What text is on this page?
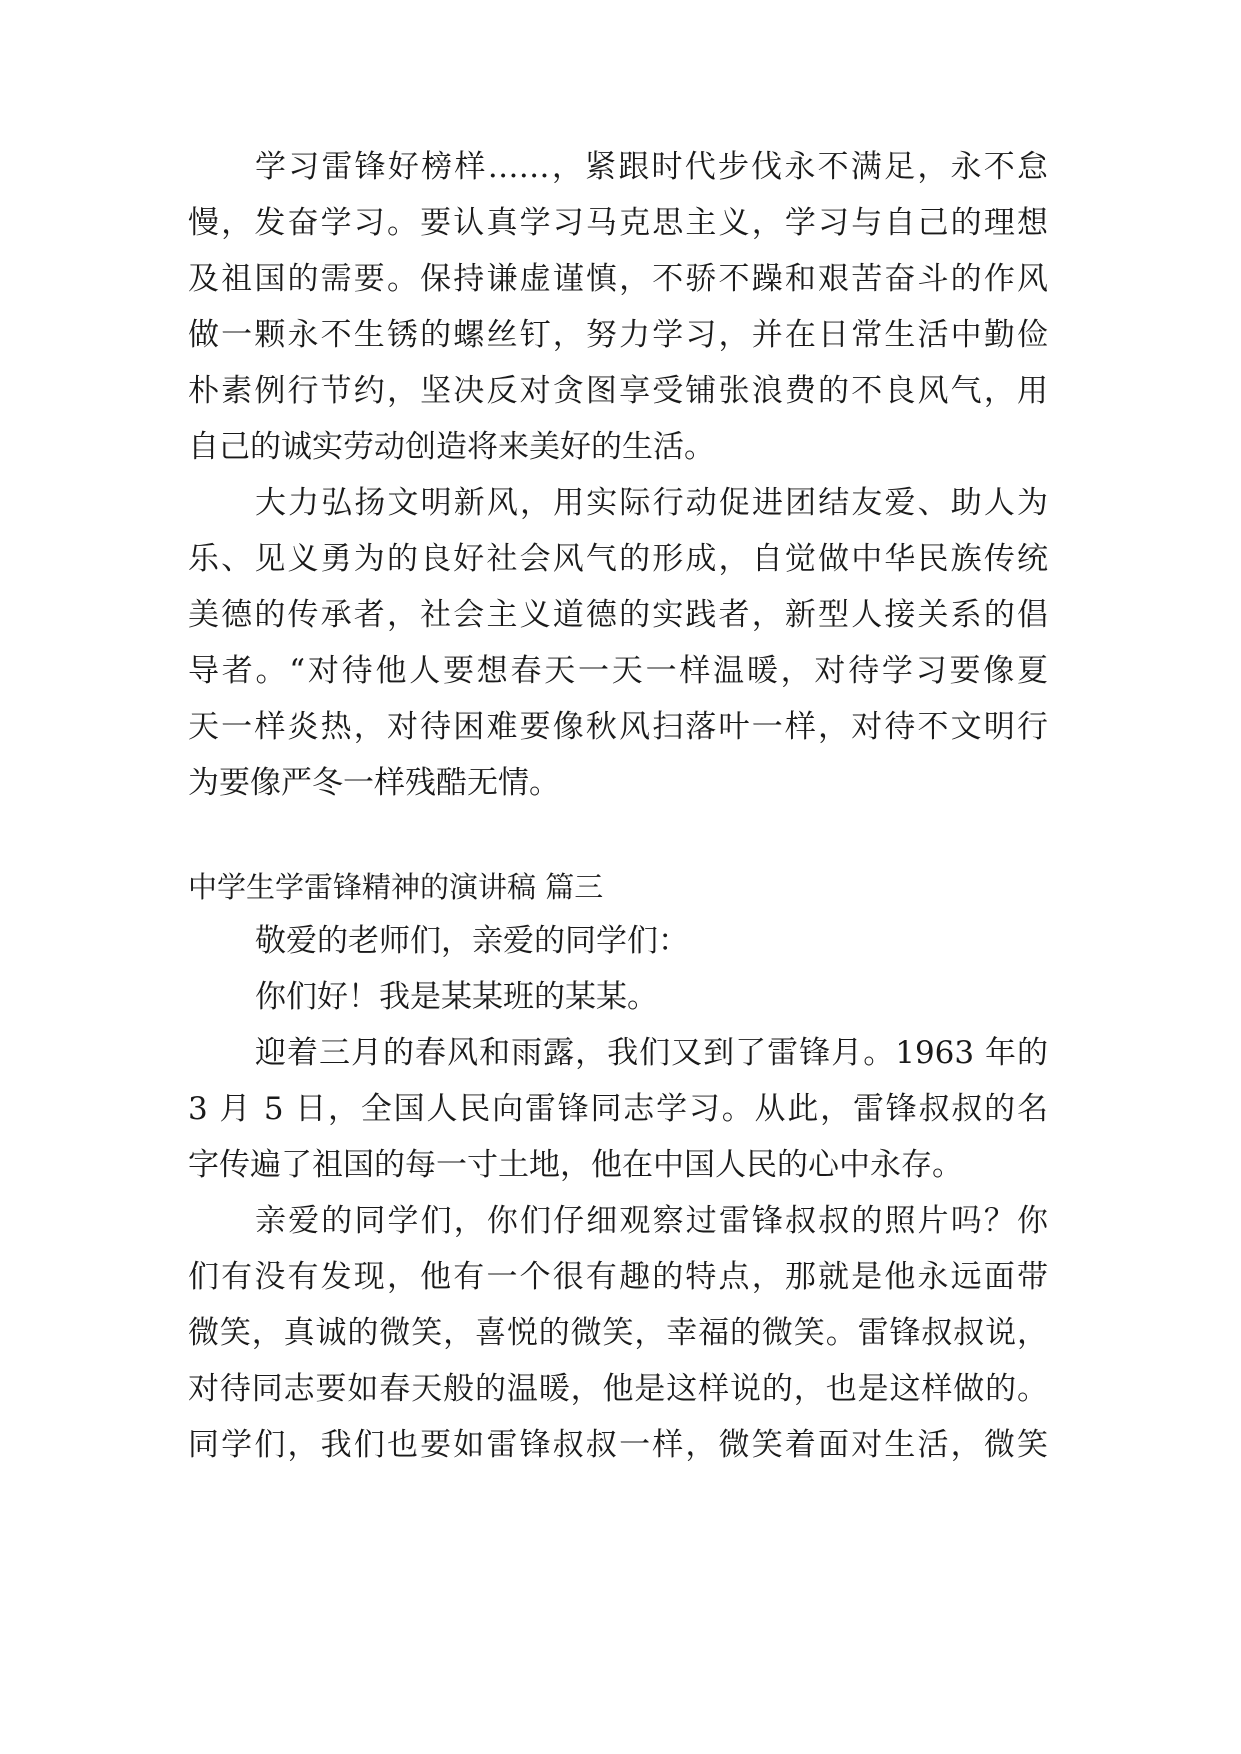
学习雷锋好榜样……，紧跟时代步伐永不满足，永不怠
慢，发奋学习。要认真学习马克思主义，学习与自己的理想
及祖国的需要。保持谦虚谨慎，不骄不躁和艰苦奋斗的作风
做一颗永不生锈的螺丝钉，努力学习，并在日常生活中勤俭
朴素例行节约，坚决反对贪图享受铺张浪费的不良风气，用
自己的诚实劳动创造将来美好的生活。
大力弘扬文明新风，用实际行动促进团结友爱、助人为
乐、见义勇为的良好社会风气的形成，自觉做中华民族传统
美德的传承者，社会主义道德的实践者，新型人接关系的倡
导者。“对待他人要想春天一天一样温暖，对待学习要像夏
天一样炎热，对待困难要像秋风扫落叶一样，对待不文明行
为要像严冬一样残酷无情。
中学生学雷锋精神的演讲稿 篇三
敬爱的老师们，亲爱的同学们：
你们好！我是某某班的某某。
迎着三月的春风和雨露，我们又到了雷锋月。1963 年的
3 月 5 日，全国人民向雷锋同志学习。从此，雷锋叔叔的名
字传遍了祖国的每一寸土地，他在中国人民的心中永存。
亲爱的同学们，你们仔细观察过雷锋叔叔的照片吗？你
们有没有发现，他有一个很有趣的特点，那就是他永远面带
微笑，真诚的微笑，喜悦的微笑，幸福的微笑。雷锋叔叔说，
对待同志要如春天般的温暖，他是这样说的，也是这样做的。
同学们，我们也要如雷锋叔叔一样，微笑着面对生活，微笑
